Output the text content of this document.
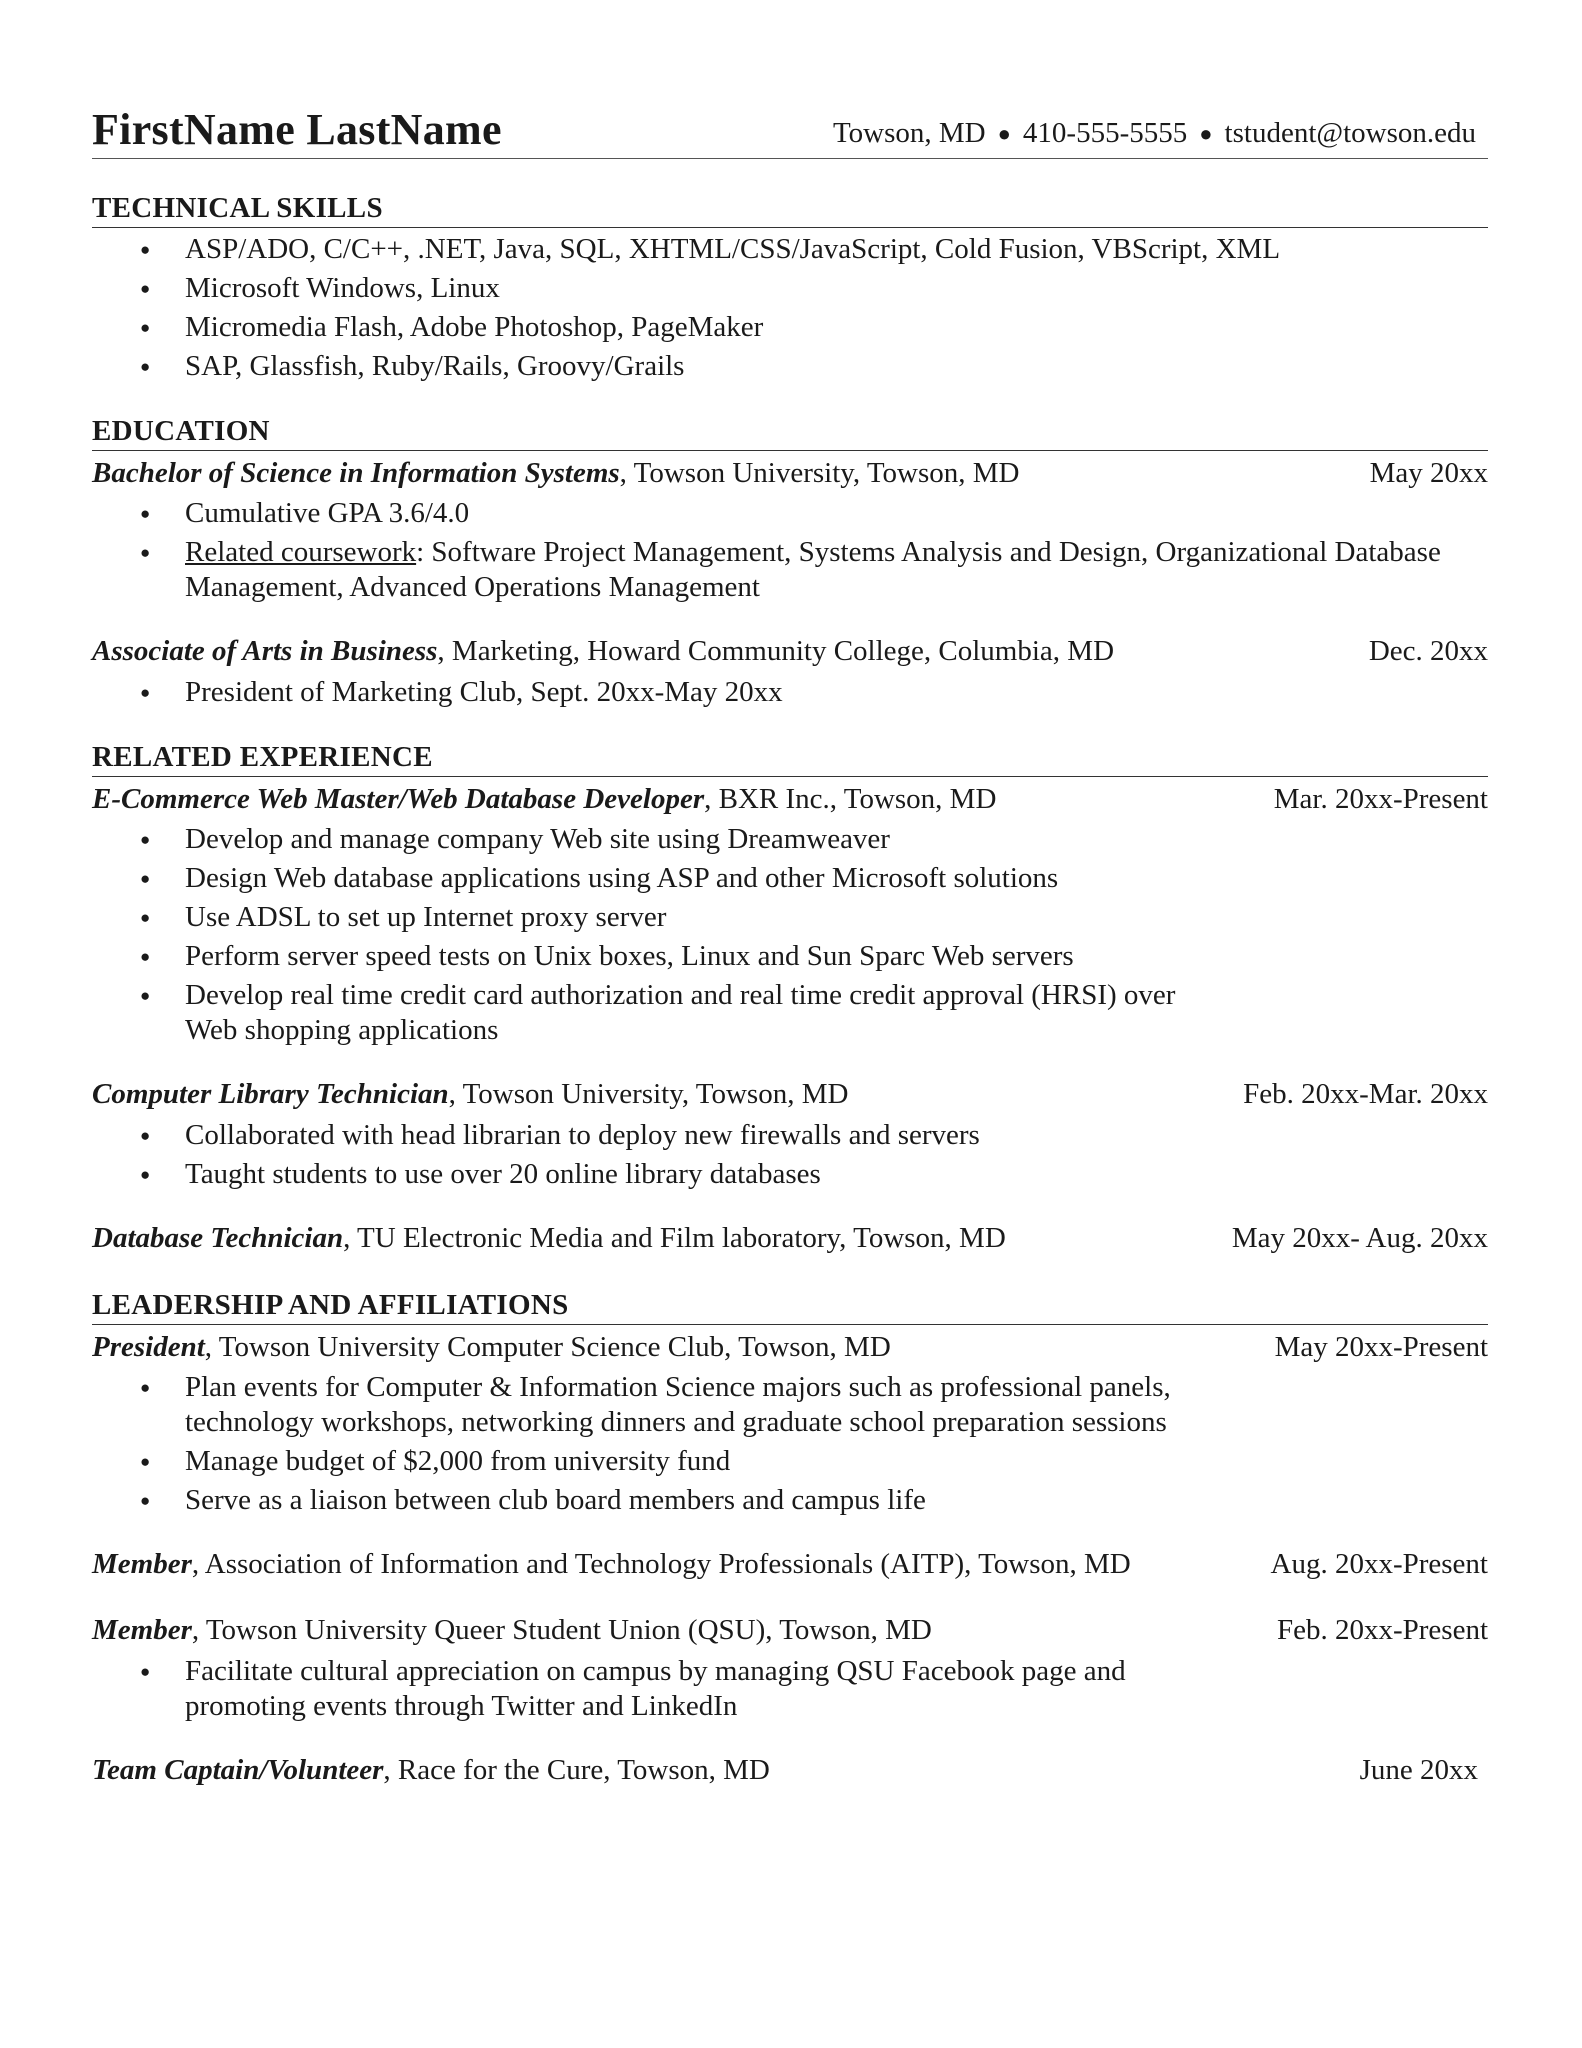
FirstName LastName	Towson, MD ● 410-555-5555 ● tstudent@towson.edu
TECHNICAL SKILLS
● ASP/ADO, C/C++, .NET, Java, SQL, XHTML/CSS/JavaScript, Cold Fusion, VBScript, XML
● Microsoft Windows, Linux
● Micromedia Flash, Adobe Photoshop, PageMaker
● SAP, Glassfish, Ruby/Rails, Groovy/Grails
EDUCATION
Bachelor of Science in Information Systems, Towson University, Towson, MD	May 20xx
● Cumulative GPA 3.6/4.0
● Related coursework: Software Project Management, Systems Analysis and Design, Organizational Database Management, Advanced Operations Management
Associate of Arts in Business, Marketing, Howard Community College, Columbia, MD	Dec. 20xx
● President of Marketing Club, Sept. 20xx-May 20xx
RELATED EXPERIENCE
E-Commerce Web Master/Web Database Developer, BXR Inc., Towson, MD	Mar. 20xx-Present
● Develop and manage company Web site using Dreamweaver
● Design Web database applications using ASP and other Microsoft solutions
● Use ADSL to set up Internet proxy server
● Perform server speed tests on Unix boxes, Linux and Sun Sparc Web servers
● Develop real time credit card authorization and real time credit approval (HRSI) over Web shopping applications
Computer Library Technician, Towson University, Towson, MD	Feb. 20xx-Mar. 20xx
● Collaborated with head librarian to deploy new firewalls and servers
● Taught students to use over 20 online library databases
Database Technician, TU Electronic Media and Film laboratory, Towson, MD	May 20xx- Aug. 20xx
LEADERSHIP AND AFFILIATIONS
President, Towson University Computer Science Club, Towson, MD	May 20xx-Present
● Plan events for Computer & Information Science majors such as professional panels, technology workshops, networking dinners and graduate school preparation sessions
● Manage budget of $2,000 from university fund
● Serve as a liaison between club board members and campus life
Member, Association of Information and Technology Professionals (AITP), Towson, MD	Aug. 20xx-Present
Member, Towson University Queer Student Union (QSU), Towson, MD	Feb. 20xx-Present
● Facilitate cultural appreciation on campus by managing QSU Facebook page and promoting events through Twitter and LinkedIn
Team Captain/Volunteer, Race for the Cure, Towson, MD	June 20xx
